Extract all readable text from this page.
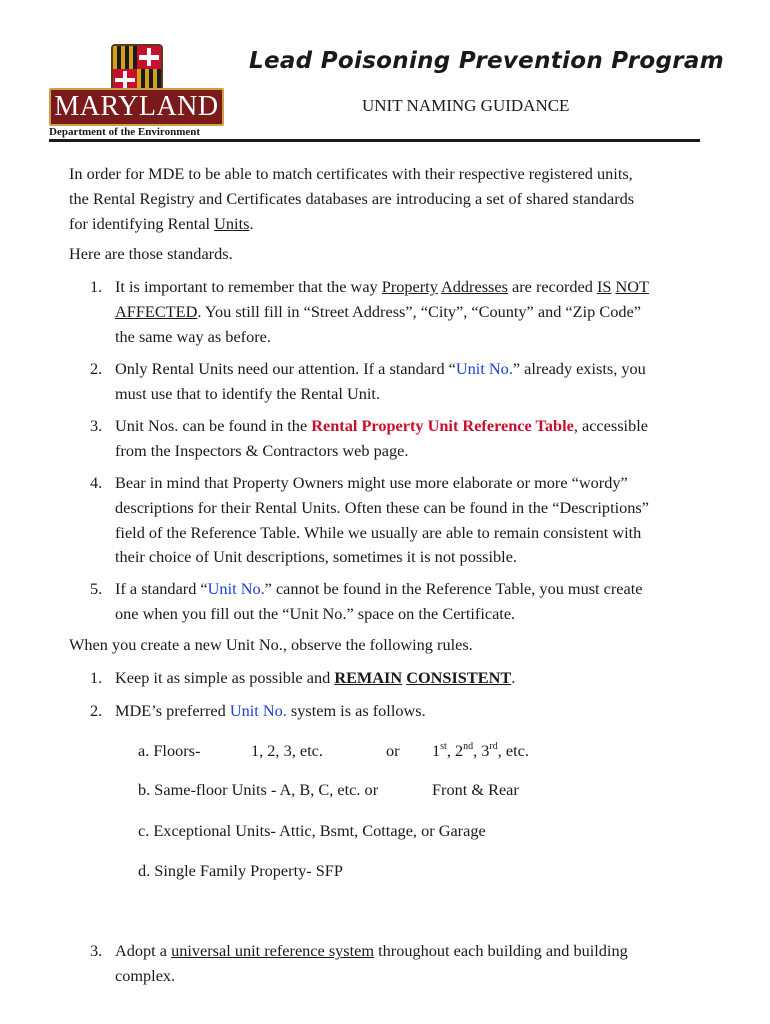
MARYLAND
Department of the Environment
Lead Poisoning Prevention Program
UNIT NAMING GUIDANCE
In order for MDE to be able to match certificates with their respective registered units,
the Rental Registry and Certificates databases are introducing a set of shared standards
for identifying Rental Units.
Here are those standards.
1. It is important to remember that the way Property Addresses are recorded IS NOT
AFFECTED. You still fill in “Street Address”, “City”, “County” and “Zip Code”
the same way as before.
2. Only Rental Units need our attention. If a standard “Unit No.” already exists, you
must use that to identify the Rental Unit.
3. Unit Nos. can be found in the Rental Property Unit Reference Table, accessible
from the Inspectors & Contractors web page.
4. Bear in mind that Property Owners might use more elaborate or more “wordy”
descriptions for their Rental Units. Often these can be found in the “Descriptions”
field of the Reference Table. While we usually are able to remain consistent with
their choice of Unit descriptions, sometimes it is not possible.
5. If a standard “Unit No.” cannot be found in the Reference Table, you must create
one when you fill out the “Unit No.” space on the Certificate.
When you create a new Unit No., observe the following rules.
1. Keep it as simple as possible and REMAIN CONSISTENT.
2. MDE’s preferred Unit No. system is as follows.
a. Floors-	1, 2, 3, etc.	or 1st, 2nd, 3rd, etc.
b. Same-floor Units - A, B, C, etc. or	Front & Rear
c. Exceptional Units- Attic, Bsmt, Cottage, or Garage
d. Single Family Property- SFP
3. Adopt a universal unit reference system throughout each building and building
complex.
